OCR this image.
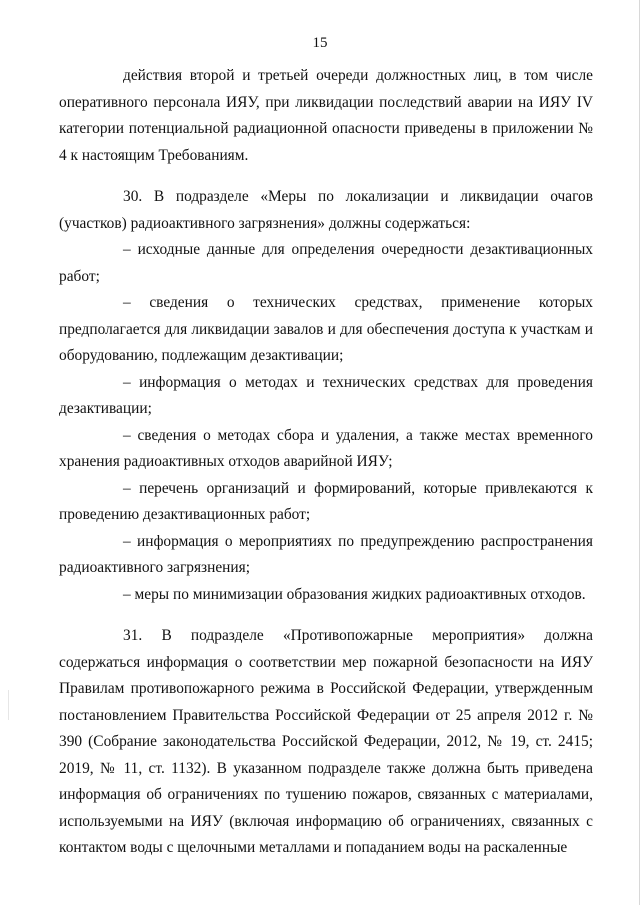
15

действия второй и третьей очереди должностных лиц, в том числе оперативного персонала ИЯУ, при ликвидации последствий аварии на ИЯУ IV категории потенциальной радиационной опасности приведены в приложении № 4 к настоящим Требованиям.

30. В подразделе «Меры по локализации и ликвидации очагов (участков) радиоактивного загрязнения» должны содержаться:

– исходные данные для определения очередности дезактивационных работ;

– сведения о технических средствах, применение которых предполагается для ликвидации завалов и для обеспечения доступа к участкам и оборудованию, подлежащим дезактивации;

– информация о методах и технических средствах для проведения дезактивации;

– сведения о методах сбора и удаления, а также местах временного хранения радиоактивных отходов аварийной ИЯУ;

– перечень организаций и формирований, которые привлекаются к проведению дезактивационных работ;

– информация о мероприятиях по предупреждению распространения радиоактивного загрязнения;

– меры по минимизации образования жидких радиоактивных отходов.

31. В подразделе «Противопожарные мероприятия» должна содержаться информация о соответствии мер пожарной безопасности на ИЯУ Правилам противопожарного режима в Российской Федерации, утвержденным постановлением Правительства Российской Федерации от 25 апреля 2012 г. № 390 (Собрание законодательства Российской Федерации, 2012, № 19, ст. 2415; 2019, № 11, ст. 1132). В указанном подразделе также должна быть приведена информация об ограничениях по тушению пожаров, связанных с материалами, используемыми на ИЯУ (включая информацию об ограничениях, связанных с контактом воды с щелочными металлами и попаданием воды на раскаленные
